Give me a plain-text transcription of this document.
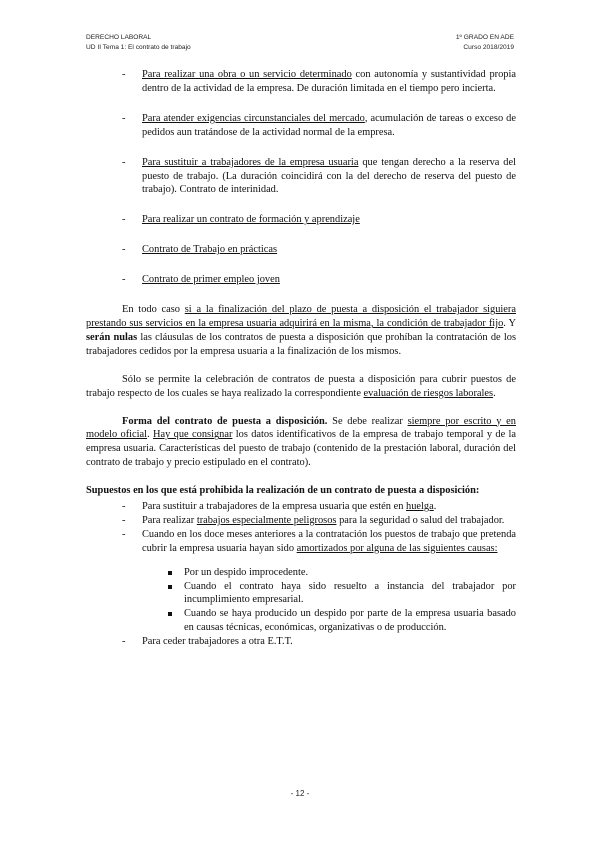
DERECHO LABORAL
UD II Tema 1: El contrato de trabajo
1º GRADO EN ADE
Curso 2018/2019
- Para realizar una obra o un servicio determinado con autonomía y sustantividad propia dentro de la actividad de la empresa. De duración limitada en el tiempo pero incierta.
- Para atender exigencias circunstanciales del mercado, acumulación de tareas o exceso de pedidos aun tratándose de la actividad normal de la empresa.
- Para sustituir a trabajadores de la empresa usuaria que tengan derecho a la reserva del puesto de trabajo. (La duración coincidirá con la del derecho de reserva del puesto de trabajo). Contrato de interinidad.
- Para realizar un contrato de formación y aprendizaje
- Contrato de Trabajo en prácticas
- Contrato de primer empleo joven

En todo caso si a la finalización del plazo de puesta a disposición el trabajador siguiera prestando sus servicios en la empresa usuaria adquirirá en la misma, la condición de trabajador fijo. Y serán nulas las cláusulas de los contratos de puesta a disposición que prohíban la contratación de los trabajadores cedidos por la empresa usuaria a la finalización de los mismos.

Sólo se permite la celebración de contratos de puesta a disposición para cubrir puestos de trabajo respecto de los cuales se haya realizado la correspondiente evaluación de riesgos laborales.

Forma del contrato de puesta a disposición. Se debe realizar siempre por escrito y en modelo oficial. Hay que consignar los datos identificativos de la empresa de trabajo temporal y de la empresa usuaria. Características del puesto de trabajo (contenido de la prestación laboral, duración del contrato de trabajo y precio estipulado en el contrato).

Supuestos en los que está prohibida la realización de un contrato de puesta a disposición:
- Para sustituir a trabajadores de la empresa usuaria que estén en huelga.
- Para realizar trabajos especialmente peligrosos para la seguridad o salud del trabajador.
- Cuando en los doce meses anteriores a la contratación los puestos de trabajo que pretenda cubrir la empresa usuaria hayan sido amortizados por alguna de las siguientes causas:
Por un despido improcedente.
Cuando el contrato haya sido resuelto a instancia del trabajador por incumplimiento empresarial.
Cuando se haya producido un despido por parte de la empresa usuaria basado en causas técnicas, económicas, organizativas o de producción.
- Para ceder trabajadores a otra E.T.T.
- 12 -
